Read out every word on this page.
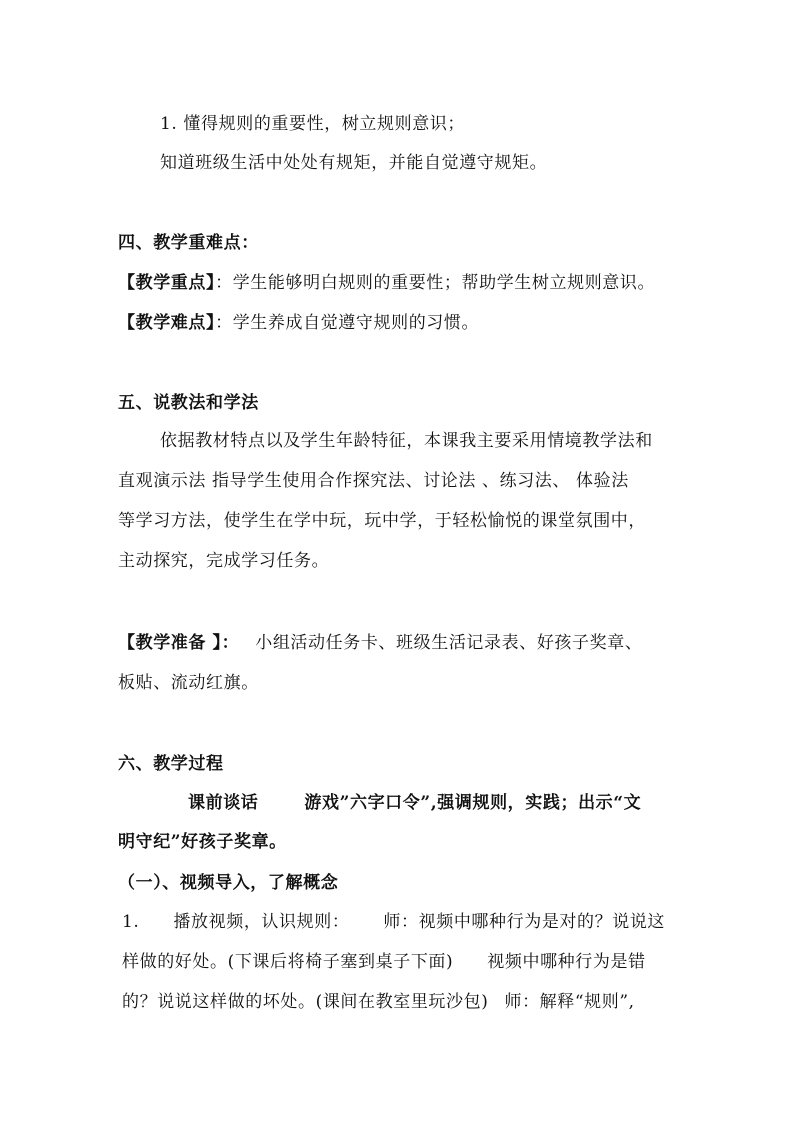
1. 懂得规则的重要性，树立规则意识；
知道班级生活中处处有规矩，并能自觉遵守规矩。
四、教学重难点：
【教学重点】：学生能够明白规则的重要性；帮助学生树立规则意识。
【教学难点】：学生养成自觉遵守规则的习惯。
五、说教法和学法
依据教材特点以及学生年龄特征，本课我主要采用情境教学法和
直观演示法 指导学生使用合作探究法、讨论法 、练习法、 体验法
等学习方法，使学生在学中玩，玩中学，于轻松愉悦的课堂氛围中，
主动探究，完成学习任务。
【教学准备 】： 小组活动任务卡、班级生活记录表、好孩子奖章、
板贴、流动红旗。
六、教学过程
课前谈话	游戏”六字口令”,强调规则，实践；出示“文
明守纪”好孩子奖章。
（一）、视频导入，了解概念
1. 播放视频，认识规则： 师：视频中哪种行为是对的？说说这
样做的好处。(下课后将椅子塞到桌子下面) 视频中哪种行为是错
的？说说这样做的坏处。(课间在教室里玩沙包) 师：解释“规则”,
